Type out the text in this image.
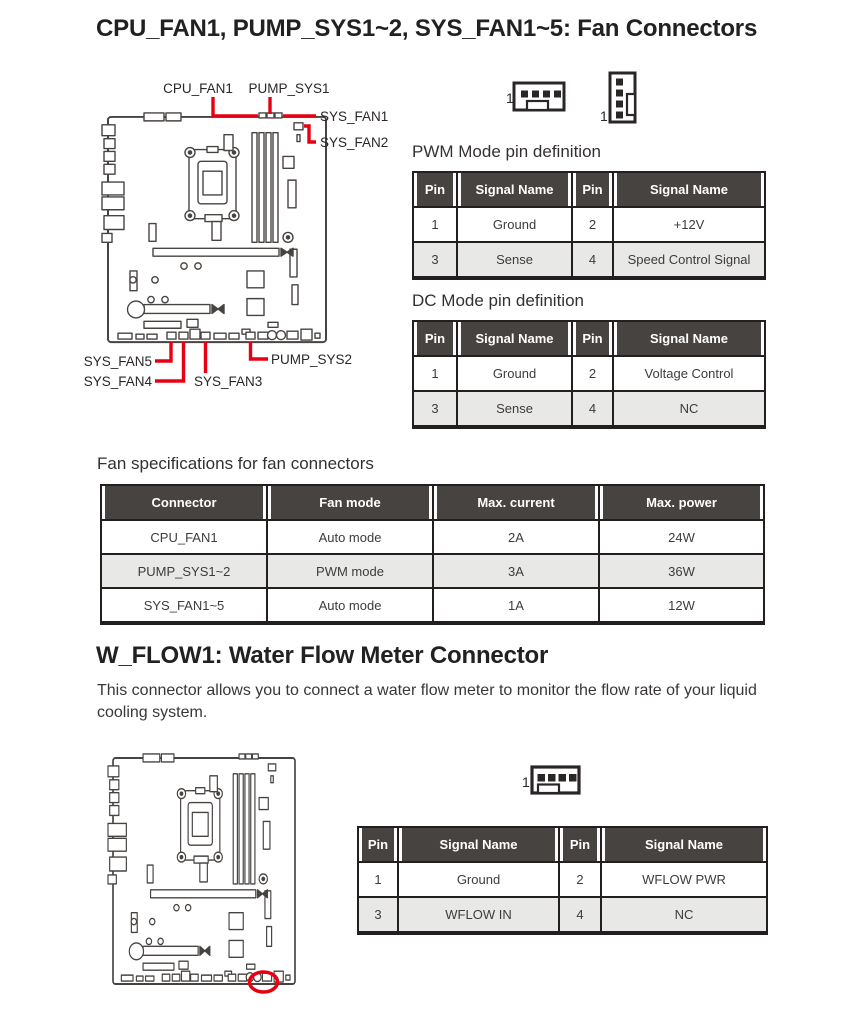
CPU_FAN1, PUMP_SYS1~2, SYS_FAN1~5: Fan Connectors
CPU_FAN1 PUMP_SYS1
SYS_FAN1
SYS_FAN2
SYS_FAN5
SYS_FAN4	SYS_FAN3
PUMP_SYS2
1
1
PWM Mode pin definition
Pin	Signal Name	Pin	Signal Name
1	Ground	2	+12V
3	Sense	4	Speed Control Signal
DC Mode pin definition
Pin	Signal Name	Pin	Signal Name
1	Ground	2	Voltage Control
3	Sense	4	NC
Fan specifications for fan connectors
Connector	Fan mode	Max. current	Max. power
CPU_FAN1	Auto mode	2A	24W
PUMP_SYS1~2	PWM mode	3A	36W
SYS_FAN1~5	Auto mode	1A	12W
W_FLOW1: Water Flow Meter Connector
This connector allows you to connect a water flow meter to monitor the flow rate of your liquid cooling system.
1
Pin	Signal Name	Pin	Signal Name
1	Ground	2	WFLOW PWR
3	WFLOW IN	4	NC
